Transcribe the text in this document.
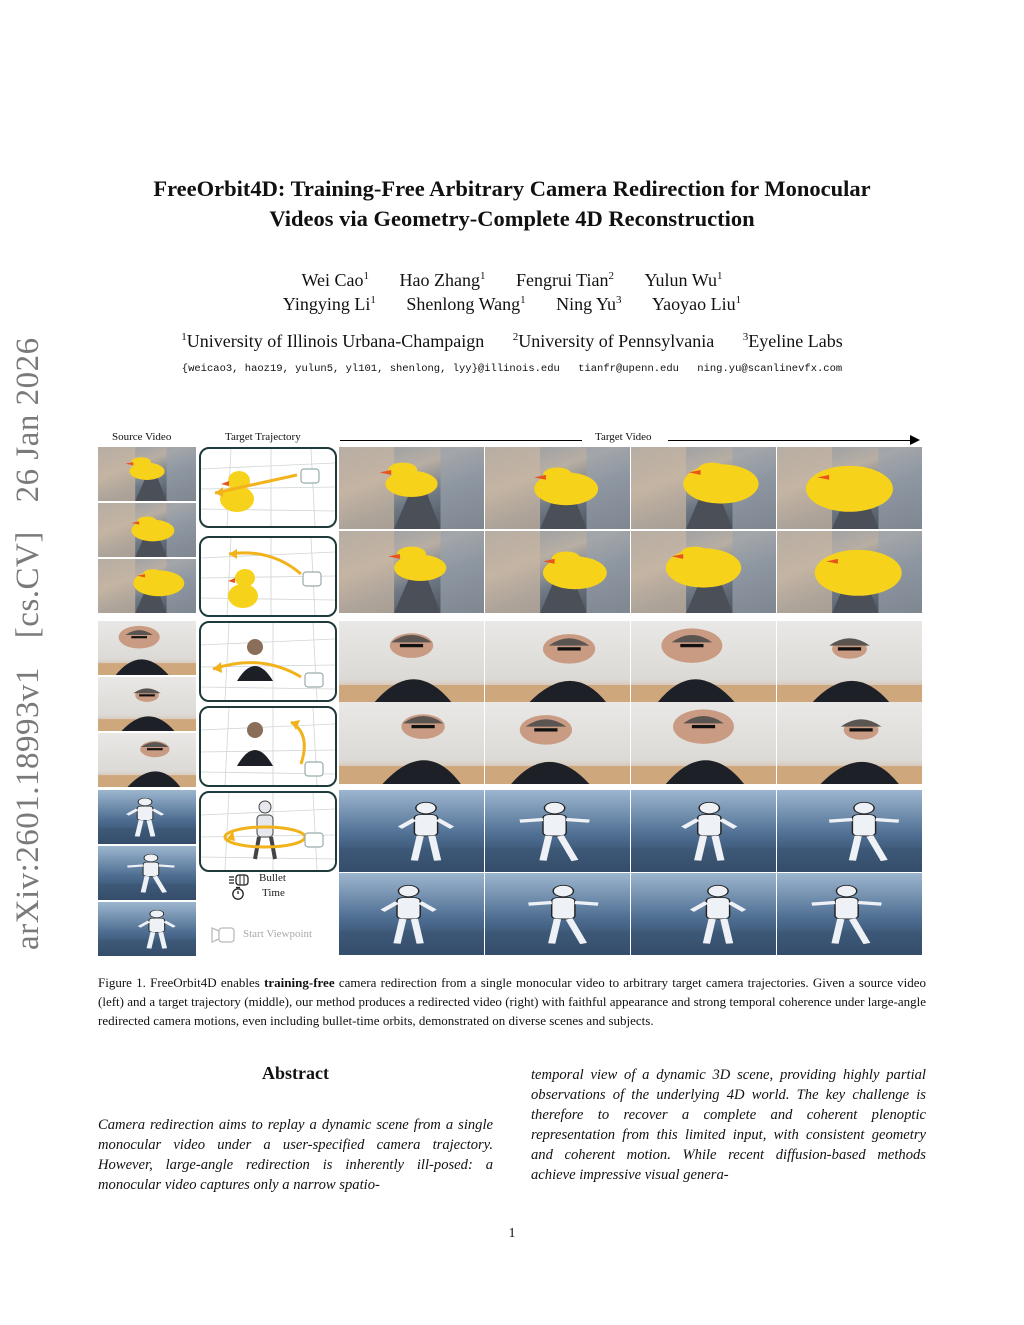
arXiv:2601.18993v1 [cs.CV] 26 Jan 2026
FreeOrbit4D: Training-Free Arbitrary Camera Redirection for Monocular
Videos via Geometry-Complete 4D Reconstruction
Wei Cao$^1$ Hao Zhang$^1$ Fengrui Tian$^2$ Yulun Wu$^1$
Yingying Li$^1$ Shenlong Wang$^1$ Ning Yu$^3$ Yaoyao Liu$^1$
$^1$University of Illinois Urbana-Champaign	$^2$University of Pennsylvania	$^3$Eyeline Labs
{weicao3, haoz19, yulun5, yl101, shenlong, lyy}@illinois.edu tianfr@upenn.edu ning.yu@scanlinevfx.com
Source Video	Target Trajectory	Target Video
Bullet
Time
Start Viewpoint
Figure 1. FreeOrbit4D enables training-free camera redirection from a single monocular video to arbitrary target camera trajectories. Given a source video (left) and a target trajectory (middle), our method produces a redirected video (right) with faithful appearance and strong temporal coherence under large-angle redirected camera motions, even including bullet-time orbits, demonstrated on diverse scenes and subjects.
Abstract
Camera redirection aims to replay a dynamic scene from a single monocular video under a user-specified camera trajectory. However, large-angle redirection is inherently ill-posed: a monocular video captures only a narrow spatio-
temporal view of a dynamic 3D scene, providing highly partial observations of the underlying 4D world. The key challenge is therefore to recover a complete and coherent plenoptic representation from this limited input, with consistent geometry and coherent motion. While recent diffusion-based methods achieve impressive visual genera-
1
